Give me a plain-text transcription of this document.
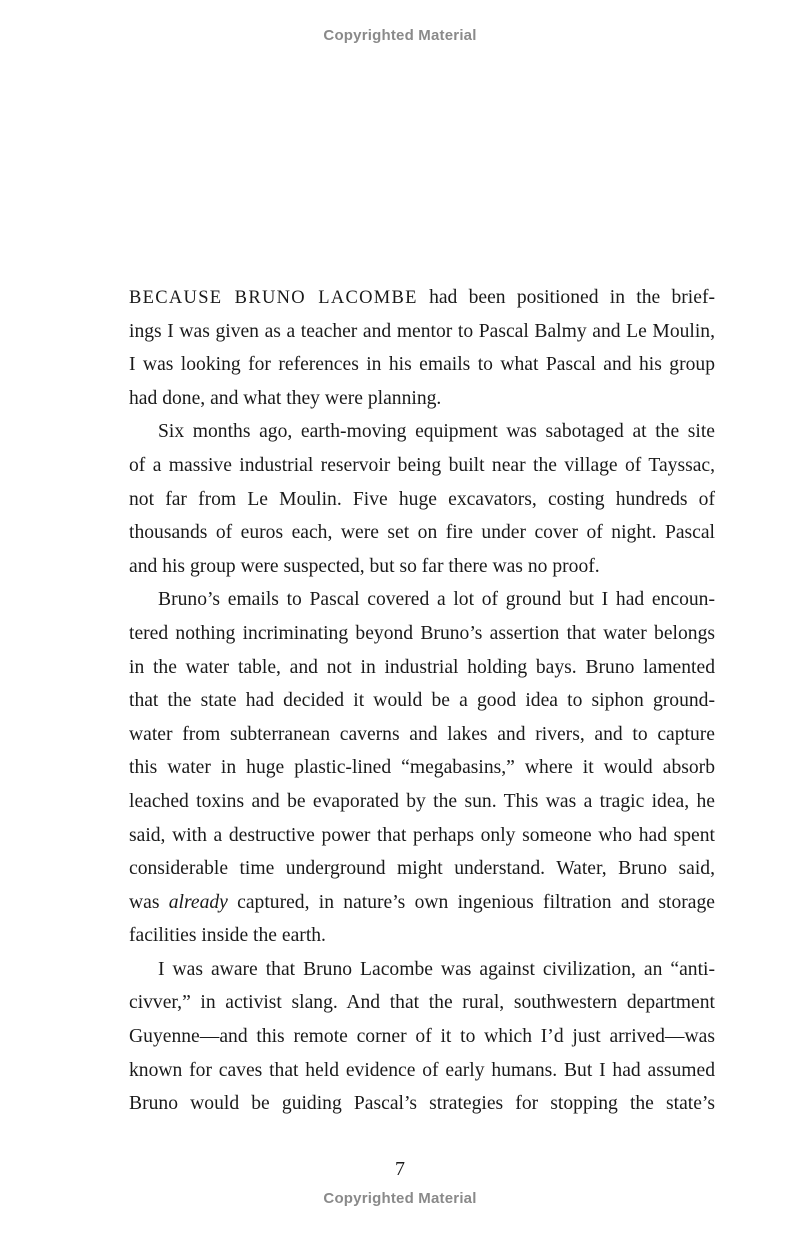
Copyrighted Material
BECAUSE BRUNO LACOMBE had been positioned in the brief-
ings I was given as a teacher and mentor to Pascal Balmy and Le Moulin,
I was looking for references in his emails to what Pascal and his group
had done, and what they were planning.
Six months ago, earth-moving equipment was sabotaged at the site
of a massive industrial reservoir being built near the village of Tayssac,
not far from Le Moulin. Five huge excavators, costing hundreds of
thousands of euros each, were set on fire under cover of night. Pascal
and his group were suspected, but so far there was no proof.
Bruno’s emails to Pascal covered a lot of ground but I had encoun-
tered nothing incriminating beyond Bruno’s assertion that water belongs
in the water table, and not in industrial holding bays. Bruno lamented
that the state had decided it would be a good idea to siphon ground-
water from subterranean caverns and lakes and rivers, and to capture
this water in huge plastic-lined “megabasins,” where it would absorb
leached toxins and be evaporated by the sun. This was a tragic idea, he
said, with a destructive power that perhaps only someone who had spent
considerable time underground might understand. Water, Bruno said,
was already captured, in nature’s own ingenious filtration and storage
facilities inside the earth.
I was aware that Bruno Lacombe was against civilization, an “anti-
civver,” in activist slang. And that the rural, southwestern department
Guyenne—and this remote corner of it to which I’d just arrived—was
known for caves that held evidence of early humans. But I had assumed
Bruno would be guiding Pascal’s strategies for stopping the state’s
7
Copyrighted Material
